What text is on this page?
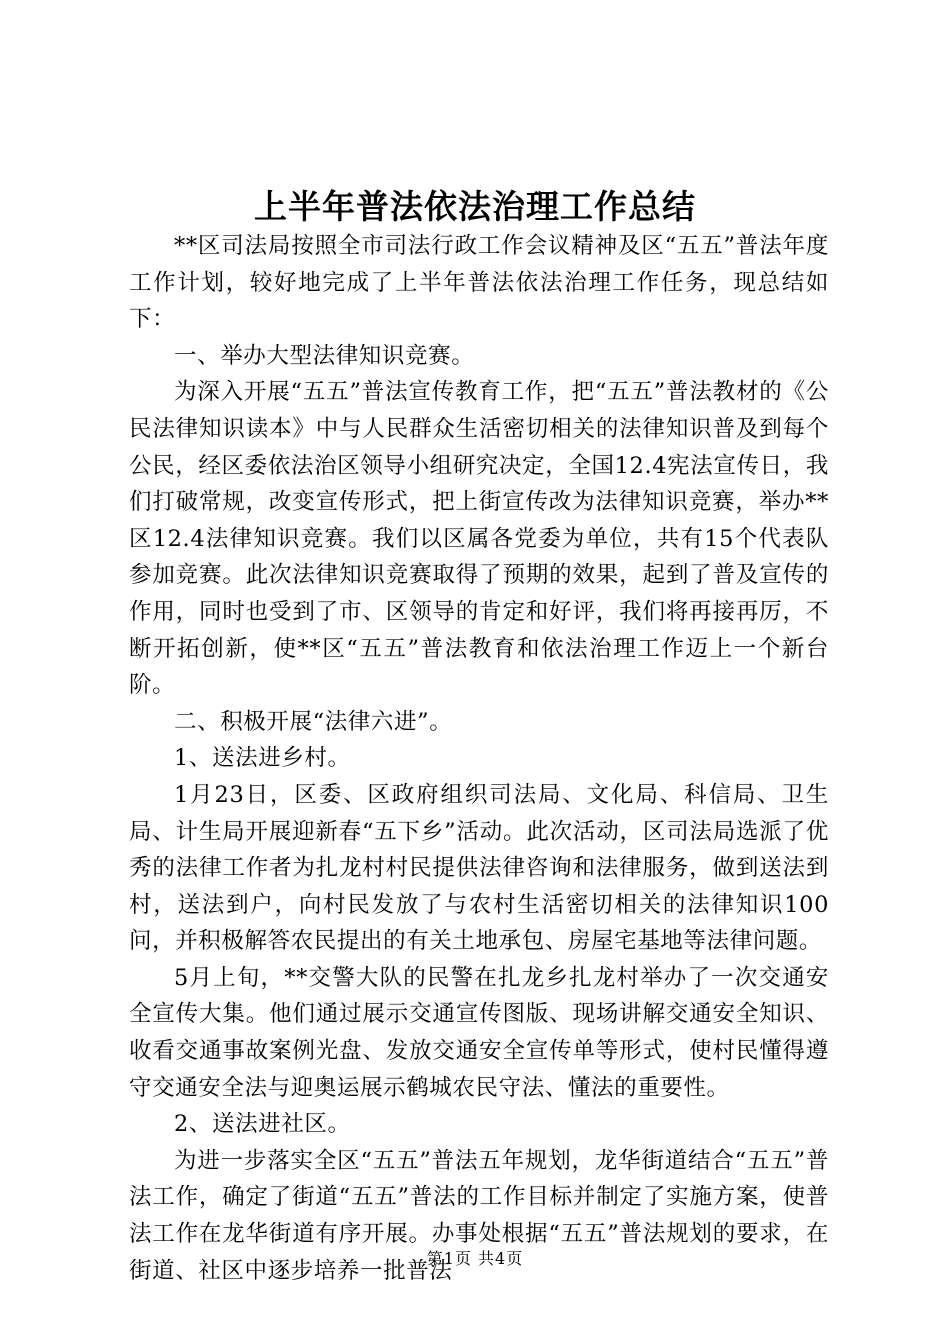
上半年普法依法治理工作总结

**区司法局按照全市司法行政工作会议精神及区“五五”普法年度工作计划，较好地完成了上半年普法依法治理工作任务，现总结如下：

一、举办大型法律知识竞赛。

为深入开展“五五”普法宣传教育工作，把“五五”普法教材的《公民法律知识读本》中与人民群众生活密切相关的法律知识普及到每个公民，经区委依法治区领导小组研究决定，全国12.4宪法宣传日，我们打破常规，改变宣传形式，把上街宣传改为法律知识竞赛，举办**区12.4法律知识竞赛。我们以区属各党委为单位，共有15个代表队参加竞赛。此次法律知识竞赛取得了预期的效果，起到了普及宣传的作用，同时也受到了市、区领导的肯定和好评，我们将再接再厉，不断开拓创新，使**区“五五”普法教育和依法治理工作迈上一个新台阶。

二、积极开展“法律六进”。

1、送法进乡村。

1月23日，区委、区政府组织司法局、文化局、科信局、卫生局、计生局开展迎新春“五下乡”活动。此次活动，区司法局选派了优秀的法律工作者为扎龙村村民提供法律咨询和法律服务，做到送法到村，送法到户，向村民发放了与农村生活密切相关的法律知识100问，并积极解答农民提出的有关土地承包、房屋宅基地等法律问题。

5月上旬，**交警大队的民警在扎龙乡扎龙村举办了一次交通安全宣传大集。他们通过展示交通宣传图版、现场讲解交通安全知识、收看交通事故案例光盘、发放交通安全宣传单等形式，使村民懂得遵守交通安全法与迎奥运展示鹤城农民守法、懂法的重要性。

2、送法进社区。

为进一步落实全区“五五”普法五年规划，龙华街道结合“五五”普法工作，确定了街道“五五”普法的工作目标并制定了实施方案，使普法工作在龙华街道有序开展。办事处根据“五五”普法规划的要求，在街道、社区中逐步培养一批普法

第1页 共4页
